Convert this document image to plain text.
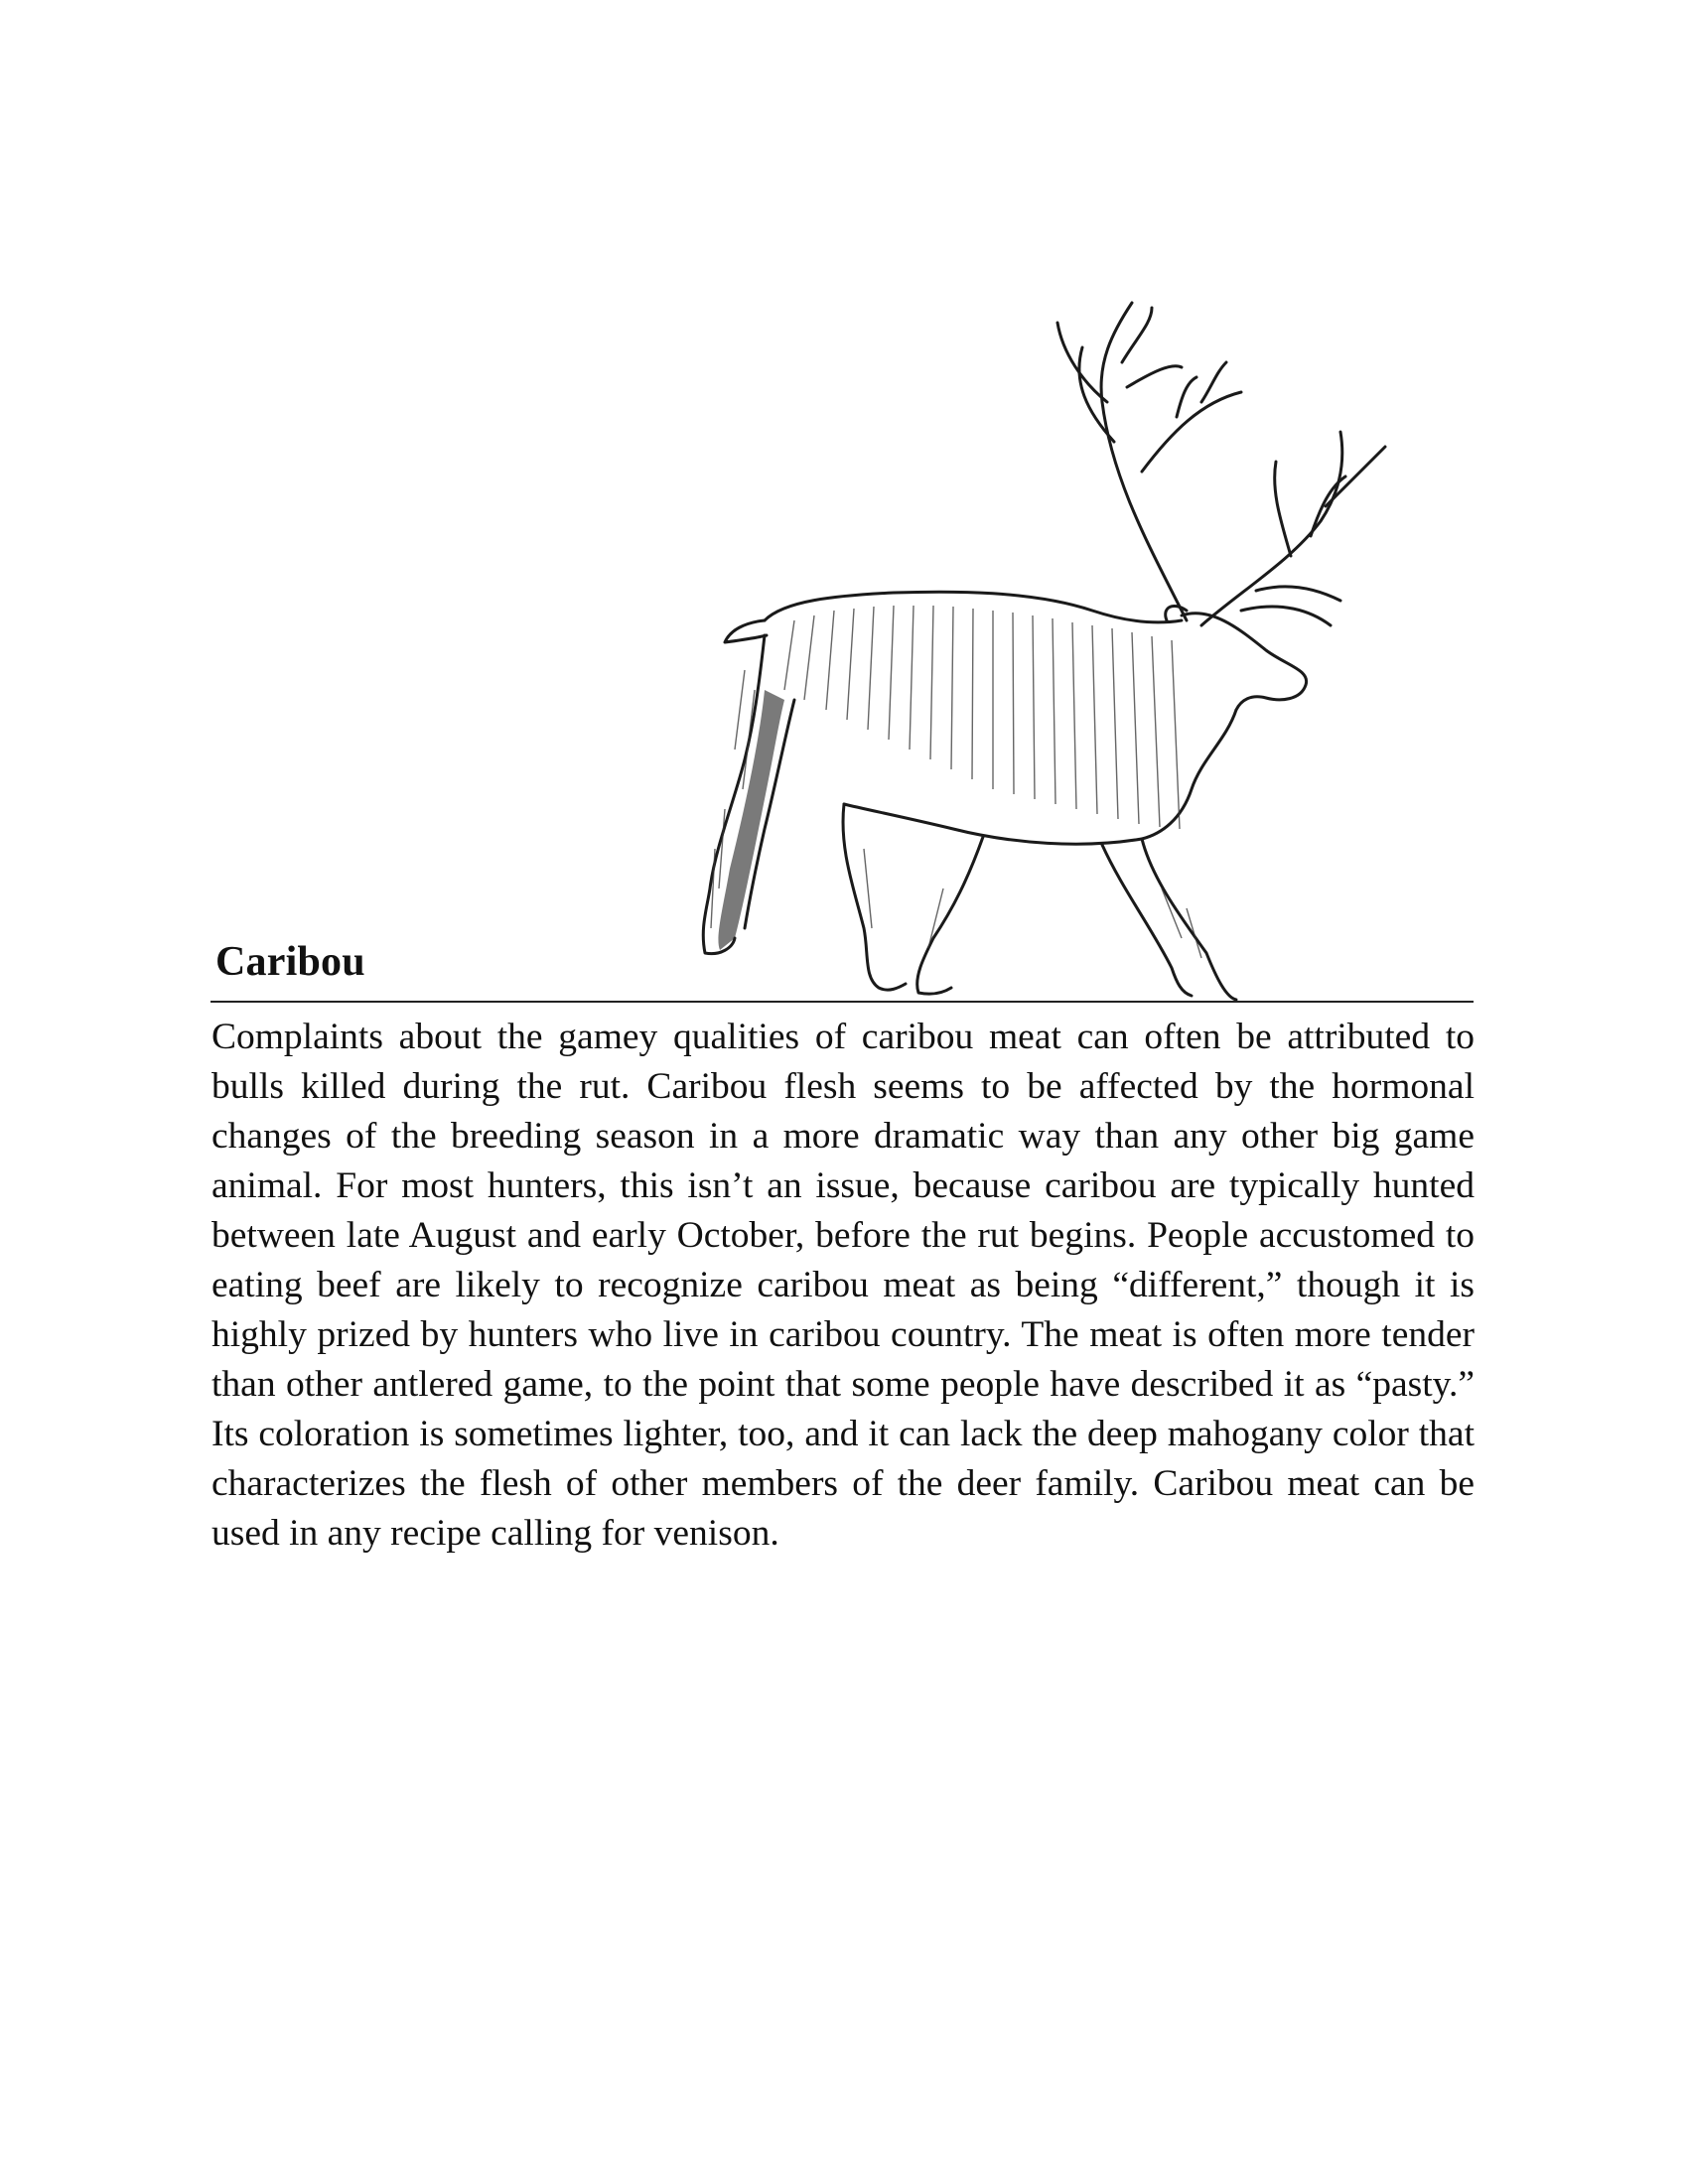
Caribou

Complaints about the gamey qualities of caribou meat can often be attributed to bulls killed during the rut. Caribou flesh seems to be affected by the hormonal changes of the breeding season in a more dramatic way than any other big game animal. For most hunters, this isn’t an issue, because caribou are typically hunted between late August and early October, before the rut begins. People accustomed to eating beef are likely to recognize caribou meat as being “different,” though it is highly prized by hunters who live in caribou country. The meat is often more tender than other antlered game, to the point that some people have described it as “pasty.” Its coloration is sometimes lighter, too, and it can lack the deep mahogany color that characterizes the flesh of other members of the deer family. Caribou meat can be used in any recipe calling for venison.
